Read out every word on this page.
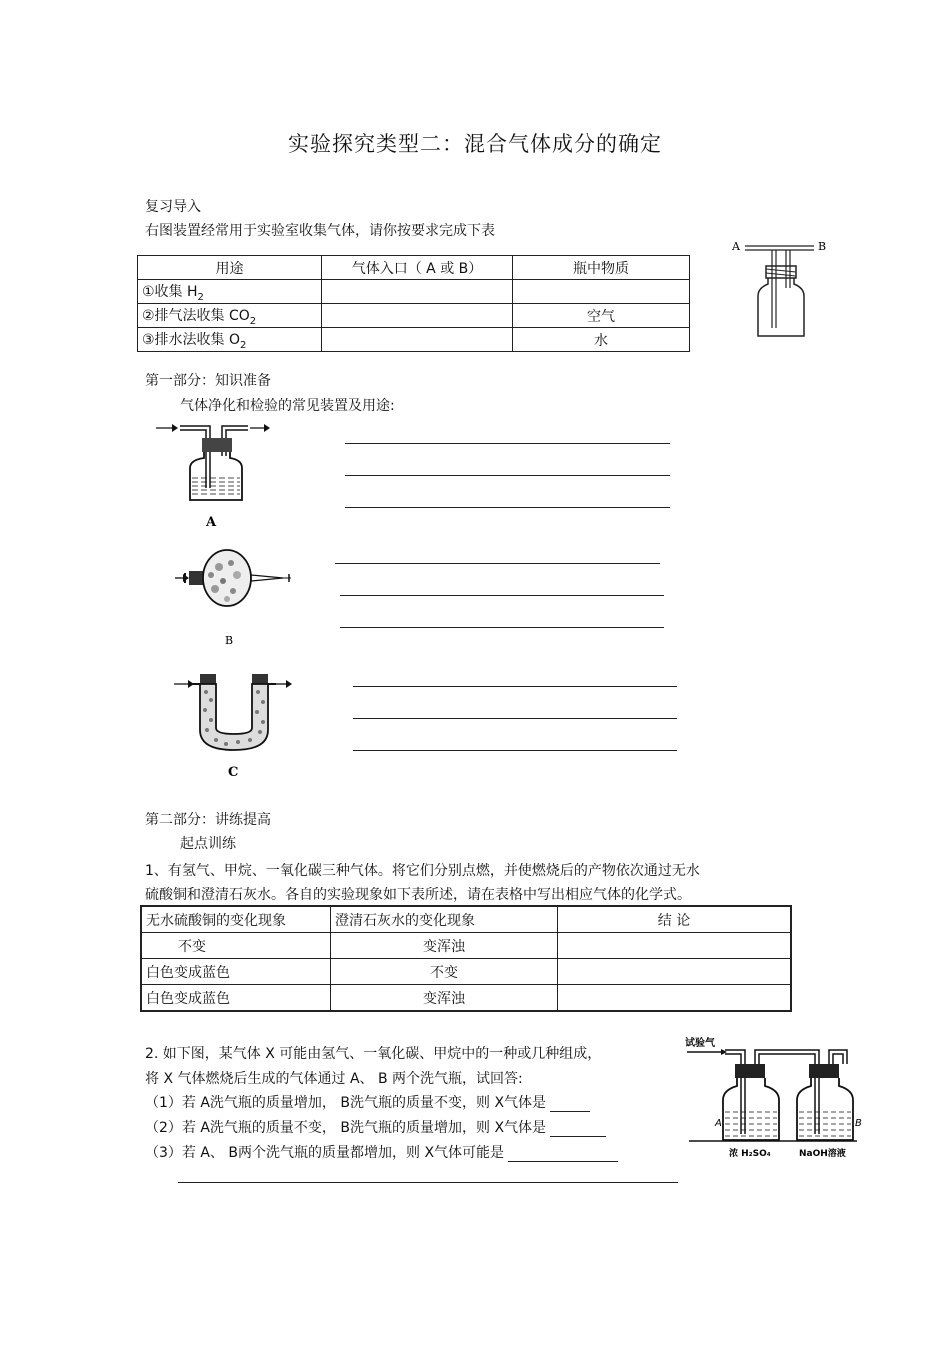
实验探究类型二：混合气体成分的确定
复习导入
右图装置经常用于实验室收集气体，请你按要求完成下表
用途	气体入口（ A 或 B）	瓶中物质
①收集 $H_2$		
②排气法收集 $CO_2$		空气
③排水法收集 $O_2$		水
A	B
第一部分：知识准备
气体净化和检验的常见装置及用途:
A
B
C
第二部分：讲练提高
起点训练
1、有氢气、甲烷、一氧化碳三种气体。将它们分别点燃，并使燃烧后的产物依次通过无水
硫酸铜和澄清石灰水。各自的实验现象如下表所述，请在表格中写出相应气体的化学式。
无水硫酸铜的变化现象	澄清石灰水的变化现象	结 论
不变	变浑浊	
白色变成蓝色	不变	
白色变成蓝色	变浑浊	
2. 如下图，某气体 X 可能由氢气、一氧化碳、甲烷中的一种或几种组成，
将 X 气体燃烧后生成的气体通过 A、 B 两个洗气瓶，试回答:
（1）若 A洗气瓶的质量增加， B洗气瓶的质量不变，则 X气体是
（2）若 A洗气瓶的质量不变， B洗气瓶的质量增加，则 X气体是
（3）若 A、 B两个洗气瓶的质量都增加，则 X气体可能是
试验气
A	B
浓 H₂SO₄	NaOH溶液
